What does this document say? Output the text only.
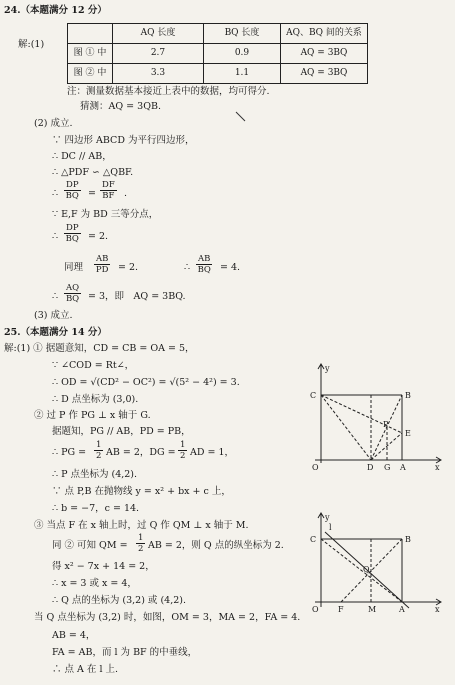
24.（本题满分 12 分）
解:(1)
	AQ 长度	BQ 长度	AQ、BQ 间的关系
图 ① 中	2.7	0.9	AQ = 3BQ
图 ② 中	3.3	1.1	AQ = 3BQ
注：测量数据基本接近上表中的数据，均可得分.
猜测：AQ = 3QB.
(2) 成立.
∵ 四边形 ABCD 为平行四边形，
∴ DC // AB，
∴ △PDF ∽ △QBF.
∴ $\frac{DP}{BQ} = \frac{DF}{BF}$ .
∵ E,F 为 BD 三等分点，
∴ $\frac{DP}{BQ} = 2$.
同理 $\frac{AB}{PD} = 2$.	∴ $\frac{AB}{BQ} = 4$.
∴ $\frac{AQ}{BQ} = 3$，即　AQ = 3BQ.
(3) 成立.
25.（本题满分 14 分）
解:(1) ① 据题意知，CD = CB = OA = 5，
∵ ∠COD = Rt∠，
∴ OD = √(CD² − OC²) = √(5² − 4²) = 3.
∴ D 点坐标为 (3,0).
② 过 P 作 PG ⊥ x 轴于 G.
据题知，PG // AB，PD = PB，
∴ PG = $\frac{1}{2}$ AB = 2，DG = $\frac{1}{2}$ AD = 1，
∴ P 点坐标为 (4,2).
∵ 点 P,B 在抛物线 y = x² + bx + c 上，
∴ b = −7，c = 14.
③ 当点 F 在 x 轴上时，过 Q 作 QM ⊥ x 轴于 M.
同 ② 可知 QM = $\frac{1}{2}$ AB = 2，则 Q 点的纵坐标为 2.
得 x² − 7x + 14 = 2，
∴ x = 3 或 x = 4，
∴ Q 点的坐标为 (3,2) 或 (4,2).
当 Q 点坐标为 (3,2) 时，如图，OM = 3，MA = 2，FA = 4.
AB = 4，
FA = AB，而 l 为 BF 的中垂线，
∴ 点 A 在 l 上.
y
C	B
P
E
O	D G A	x
y
l
C	B
Q
O F	M	A	x
